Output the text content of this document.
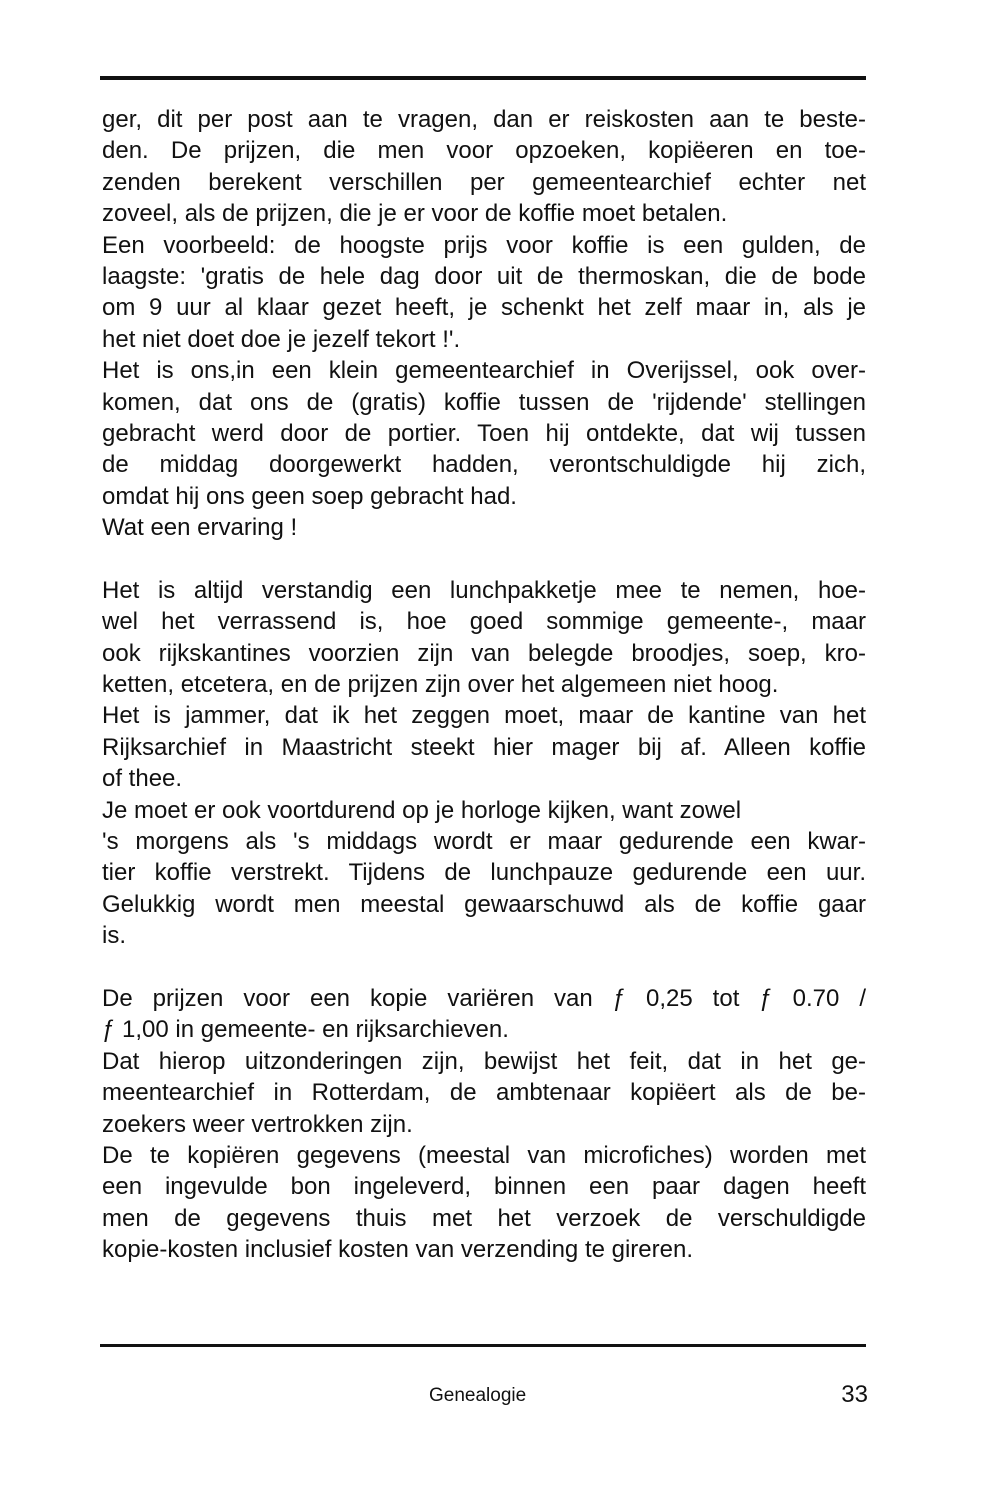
ger, dit per post aan te vragen, dan er reiskosten aan te beste-
den. De prijzen, die men voor opzoeken, kopiëeren en toe-
zenden berekent verschillen per gemeentearchief echter net
zoveel, als de prijzen, die je er voor de koffie moet betalen.
Een voorbeeld: de hoogste prijs voor koffie is een gulden, de
laagste: 'gratis de hele dag door uit de thermoskan, die de bode
om 9 uur al klaar gezet heeft, je schenkt het zelf maar in, als je
het niet doet doe je jezelf tekort !'.
Het is ons,in een klein gemeentearchief in Overijssel, ook over-
komen, dat ons de (gratis) koffie tussen de 'rijdende' stellingen
gebracht werd door de portier. Toen hij ontdekte, dat wij tussen
de middag doorgewerkt hadden, verontschuldigde hij zich,
omdat hij ons geen soep gebracht had.
Wat een ervaring !
Het is altijd verstandig een lunchpakketje mee te nemen, hoe-
wel het verrassend is, hoe goed sommige gemeente-, maar
ook rijkskantines voorzien zijn van belegde broodjes, soep, kro-
ketten, etcetera, en de prijzen zijn over het algemeen niet hoog.
Het is jammer, dat ik het zeggen moet, maar de kantine van het
Rijksarchief in Maastricht steekt hier mager bij af. Alleen koffie
of thee.
Je moet er ook voortdurend op je horloge kijken, want zowel
's morgens als 's middags wordt er maar gedurende een kwar-
tier koffie verstrekt. Tijdens de lunchpauze gedurende een uur.
Gelukkig wordt men meestal gewaarschuwd als de koffie gaar
is.
De prijzen voor een kopie variëren van ƒ 0,25 tot ƒ 0.70 /
ƒ 1,00 in gemeente- en rijksarchieven.
Dat hierop uitzonderingen zijn, bewijst het feit, dat in het ge-
meentearchief in Rotterdam, de ambtenaar kopiëert als de be-
zoekers weer vertrokken zijn.
De te kopiëren gegevens (meestal van microfiches) worden met
een ingevulde bon ingeleverd, binnen een paar dagen heeft
men de gegevens thuis met het verzoek de verschuldigde
kopie-kosten inclusief kosten van verzending te gireren.
Genealogie	33
